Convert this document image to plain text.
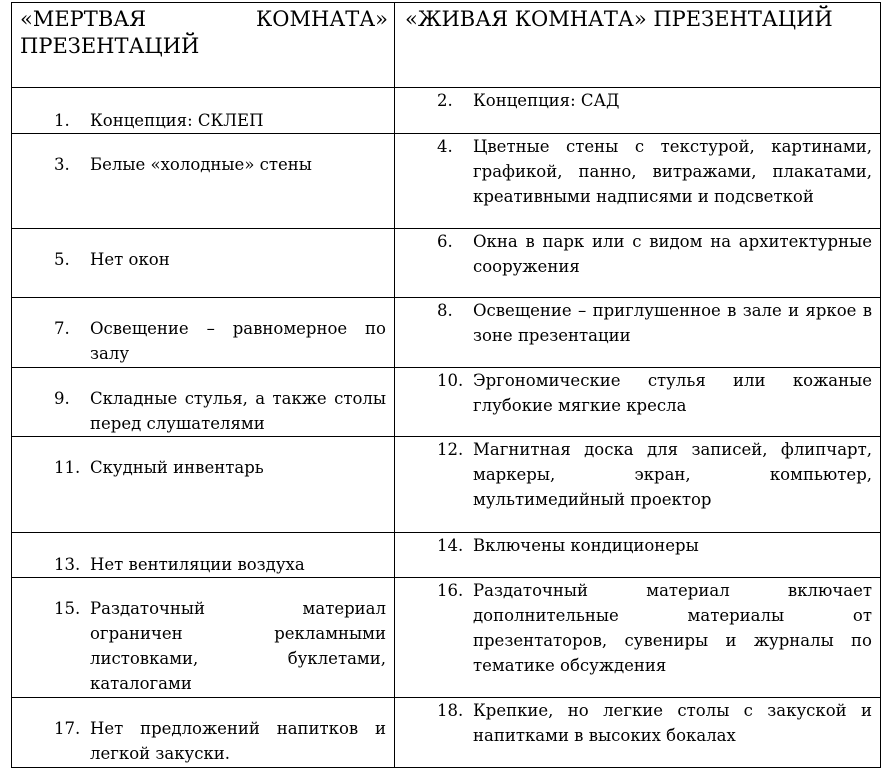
«МЕРТВАЯ КОМНАТА» ПРЕЗЕНТАЦИЙ	«ЖИВАЯ КОМНАТА» ПРЕЗЕНТАЦИЙ

1. Концепция: СКЛЕП	2. Концепция: САД

3. Белые «холодные» стены	4. Цветные стены с текстурой, картинами, графикой, панно, витражами, плакатами, креативными надписями и подсветкой

5. Нет окон	6. Окна в парк или с видом на архитектурные сооружения

7. Освещение – равномерное по залу	8. Освещение – приглушенное в зале и яркое в зоне презентации

9. Складные стулья, а также столы перед слушателями	10. Эргономические стулья или кожаные глубокие мягкие кресла

11. Скудный инвентарь	12. Магнитная доска для записей, флипчарт, маркеры, экран, компьютер, мультимедийный проектор

13. Нет вентиляции воздуха	14. Включены кондиционеры

15. Раздаточный материал ограничен рекламными листовками, буклетами, каталогами	16. Раздаточный материал включает дополнительные материалы от презентаторов, сувениры и журналы по тематике обсуждения

17. Нет предложений напитков и легкой закуски.	18. Крепкие, но легкие столы с закуской и напитками в высоких бокалах
